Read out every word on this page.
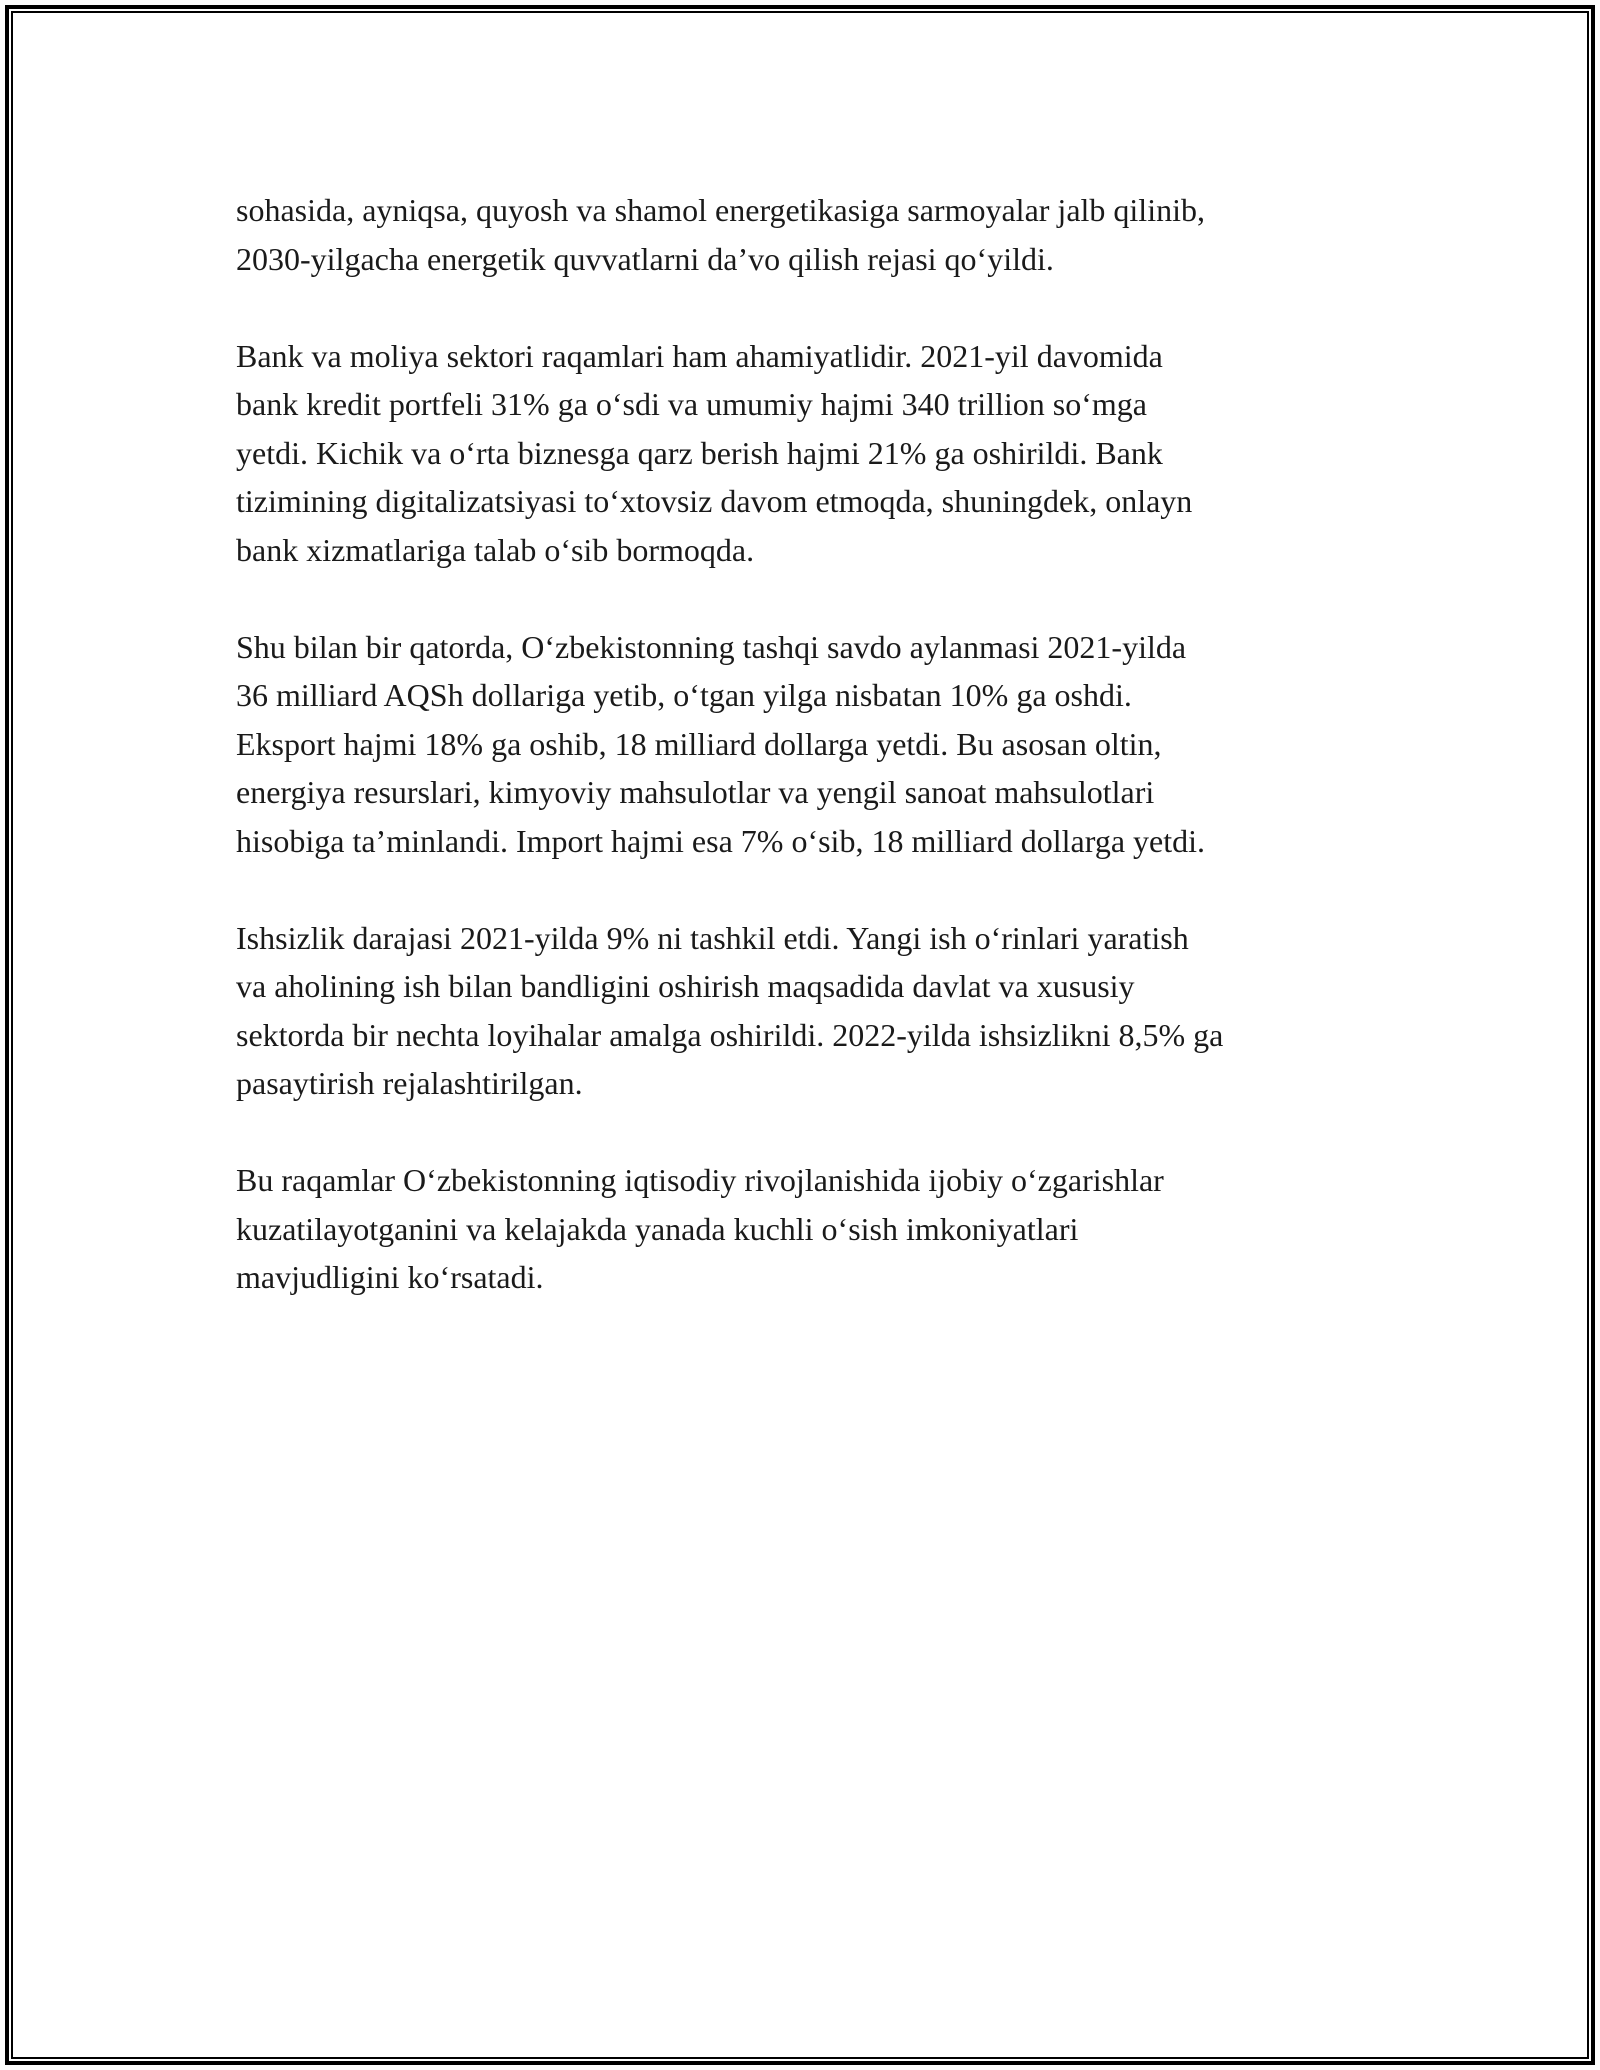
sohasida, ayniqsa, quyosh va shamol energetikasiga sarmoyalar jalb qilinib,
2030-yilgacha energetik quvvatlarni da’vo qilish rejasi qo‘yildi.

Bank va moliya sektori raqamlari ham ahamiyatlidir. 2021-yil davomida
bank kredit portfeli 31% ga o‘sdi va umumiy hajmi 340 trillion so‘mga
yetdi. Kichik va o‘rta biznesga qarz berish hajmi 21% ga oshirildi. Bank
tizimining digitalizatsiyasi to‘xtovsiz davom etmoqda, shuningdek, onlayn
bank xizmatlariga talab o‘sib bormoqda.

Shu bilan bir qatorda, O‘zbekistonning tashqi savdo aylanmasi 2021-yilda
36 milliard AQSh dollariga yetib, o‘tgan yilga nisbatan 10% ga oshdi.
Eksport hajmi 18% ga oshib, 18 milliard dollarga yetdi. Bu asosan oltin,
energiya resurslari, kimyoviy mahsulotlar va yengil sanoat mahsulotlari
hisobiga ta’minlandi. Import hajmi esa 7% o‘sib, 18 milliard dollarga yetdi.

Ishsizlik darajasi 2021-yilda 9% ni tashkil etdi. Yangi ish o‘rinlari yaratish
va aholining ish bilan bandligini oshirish maqsadida davlat va xususiy
sektorda bir nechta loyihalar amalga oshirildi. 2022-yilda ishsizlikni 8,5% ga
pasaytirish rejalashtirilgan.

Bu raqamlar O‘zbekistonning iqtisodiy rivojlanishida ijobiy o‘zgarishlar
kuzatilayotganini va kelajakda yanada kuchli o‘sish imkoniyatlari
mavjudligini ko‘rsatadi.
